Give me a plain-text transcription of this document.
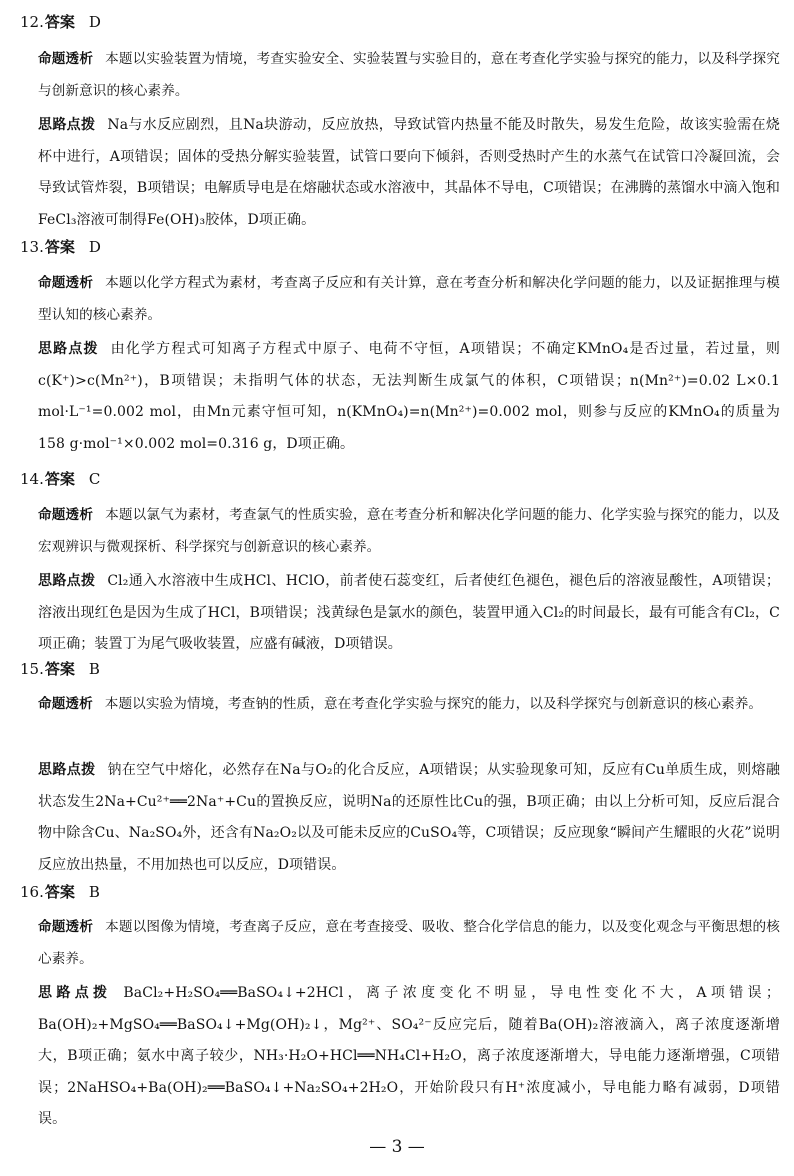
12.答案 D
命题透析 本题以实验装置为情境，考查实验安全、实验装置与实验目的，意在考查化学实验与探究的能力，以及科学探究与创新意识的核心素养。
思路点拨 Na与水反应剧烈，且Na块游动，反应放热，导致试管内热量不能及时散失，易发生危险，故该实验需在烧杯中进行，A项错误；固体的受热分解实验装置，试管口要向下倾斜，否则受热时产生的水蒸气在试管口冷凝回流，会导致试管炸裂，B项错误；电解质导电是在熔融状态或水溶液中，其晶体不导电，C项错误；在沸腾的蒸馏水中滴入饱和FeCl₃溶液可制得Fe(OH)₃胶体，D项正确。
13.答案 D
命题透析 本题以化学方程式为素材，考查离子反应和有关计算，意在考查分析和解决化学问题的能力，以及证据推理与模型认知的核心素养。
思路点拨 由化学方程式可知离子方程式中原子、电荷不守恒，A项错误；不确定KMnO₄是否过量，若过量，则c(K⁺)>c(Mn²⁺)，B项错误；未指明气体的状态，无法判断生成氯气的体积，C项错误；n(Mn²⁺)=0.02 L×0.1 mol·L⁻¹=0.002 mol，由Mn元素守恒可知，n(KMnO₄)=n(Mn²⁺)=0.002 mol，则参与反应的KMnO₄的质量为158 g·mol⁻¹×0.002 mol=0.316 g，D项正确。
14.答案 C
命题透析 本题以氯气为素材，考查氯气的性质实验，意在考查分析和解决化学问题的能力、化学实验与探究的能力，以及宏观辨识与微观探析、科学探究与创新意识的核心素养。
思路点拨 Cl₂通入水溶液中生成HCl、HClO，前者使石蕊变红，后者使红色褪色，褪色后的溶液显酸性，A项错误；溶液出现红色是因为生成了HCl，B项错误；浅黄绿色是氯水的颜色，装置甲通入Cl₂的时间最长，最有可能含有Cl₂，C项正确；装置丁为尾气吸收装置，应盛有碱液，D项错误。
15.答案 B
命题透析 本题以实验为情境，考查钠的性质，意在考查化学实验与探究的能力，以及科学探究与创新意识的核心素养。
思路点拨 钠在空气中熔化，必然存在Na与O₂的化合反应，A项错误；从实验现象可知，反应有Cu单质生成，则熔融状态发生2Na+Cu²⁺══2Na⁺+Cu的置换反应，说明Na的还原性比Cu的强，B项正确；由以上分析可知，反应后混合物中除含Cu、Na₂SO₄外，还含有Na₂O₂以及可能未反应的CuSO₄等，C项错误；反应现象“瞬间产生耀眼的火花”说明反应放出热量，不用加热也可以反应，D项错误。
16.答案 B
命题透析 本题以图像为情境，考查离子反应，意在考查接受、吸收、整合化学信息的能力，以及变化观念与平衡思想的核心素养。
思路点拨 BaCl₂+H₂SO₄══BaSO₄↓+2HCl，离子浓度变化不明显，导电性变化不大，A项错误；Ba(OH)₂+MgSO₄══BaSO₄↓+Mg(OH)₂↓，Mg²⁺、SO₄²⁻反应完后，随着Ba(OH)₂溶液滴入，离子浓度逐渐增大，B项正确；氨水中离子较少，NH₃·H₂O+HCl══NH₄Cl+H₂O，离子浓度逐渐增大，导电能力逐渐增强，C项错误；2NaHSO₄+Ba(OH)₂══BaSO₄↓+Na₂SO₄+2H₂O，开始阶段只有H⁺浓度减小，导电能力略有减弱，D项错误。
— 3 —
